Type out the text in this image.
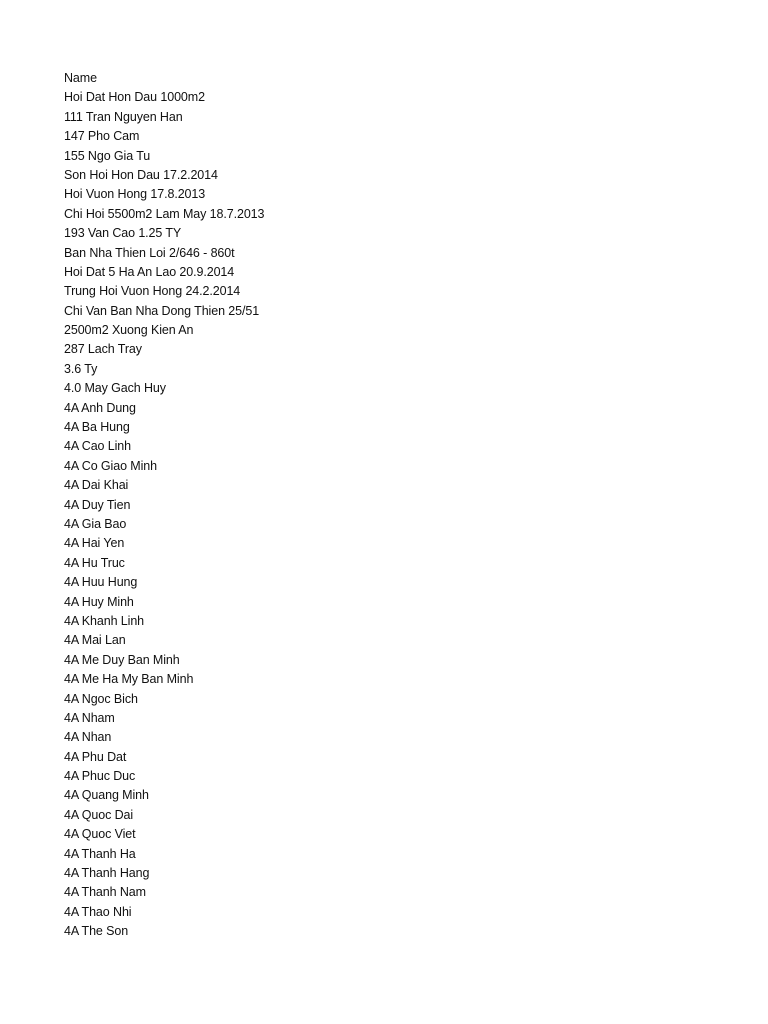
Name
Hoi Dat Hon Dau 1000m2
111 Tran Nguyen Han
147 Pho Cam
155 Ngo Gia Tu
Son Hoi Hon Dau 17.2.2014
Hoi Vuon Hong 17.8.2013
Chi Hoi 5500m2 Lam May 18.7.2013
193 Van Cao 1.25 TY
Ban Nha Thien Loi 2/646 - 860t
Hoi Dat 5 Ha An Lao 20.9.2014
Trung Hoi Vuon Hong 24.2.2014
Chi Van Ban Nha Dong Thien 25/51
2500m2 Xuong Kien An
287 Lach Tray
3.6 Ty
4.0 May Gach Huy
4A Anh Dung
4A Ba Hung
4A Cao Linh
4A Co Giao Minh
4A Dai Khai
4A Duy Tien
4A Gia Bao
4A Hai Yen
4A Hu Truc
4A Huu Hung
4A Huy Minh
4A Khanh Linh
4A Mai Lan
4A Me Duy Ban Minh
4A Me Ha My Ban Minh
4A Ngoc Bich
4A Nham
4A Nhan
4A Phu Dat
4A Phuc Duc
4A Quang Minh
4A Quoc Dai
4A Quoc Viet
4A Thanh Ha
4A Thanh Hang
4A Thanh Nam
4A Thao Nhi
4A The Son
